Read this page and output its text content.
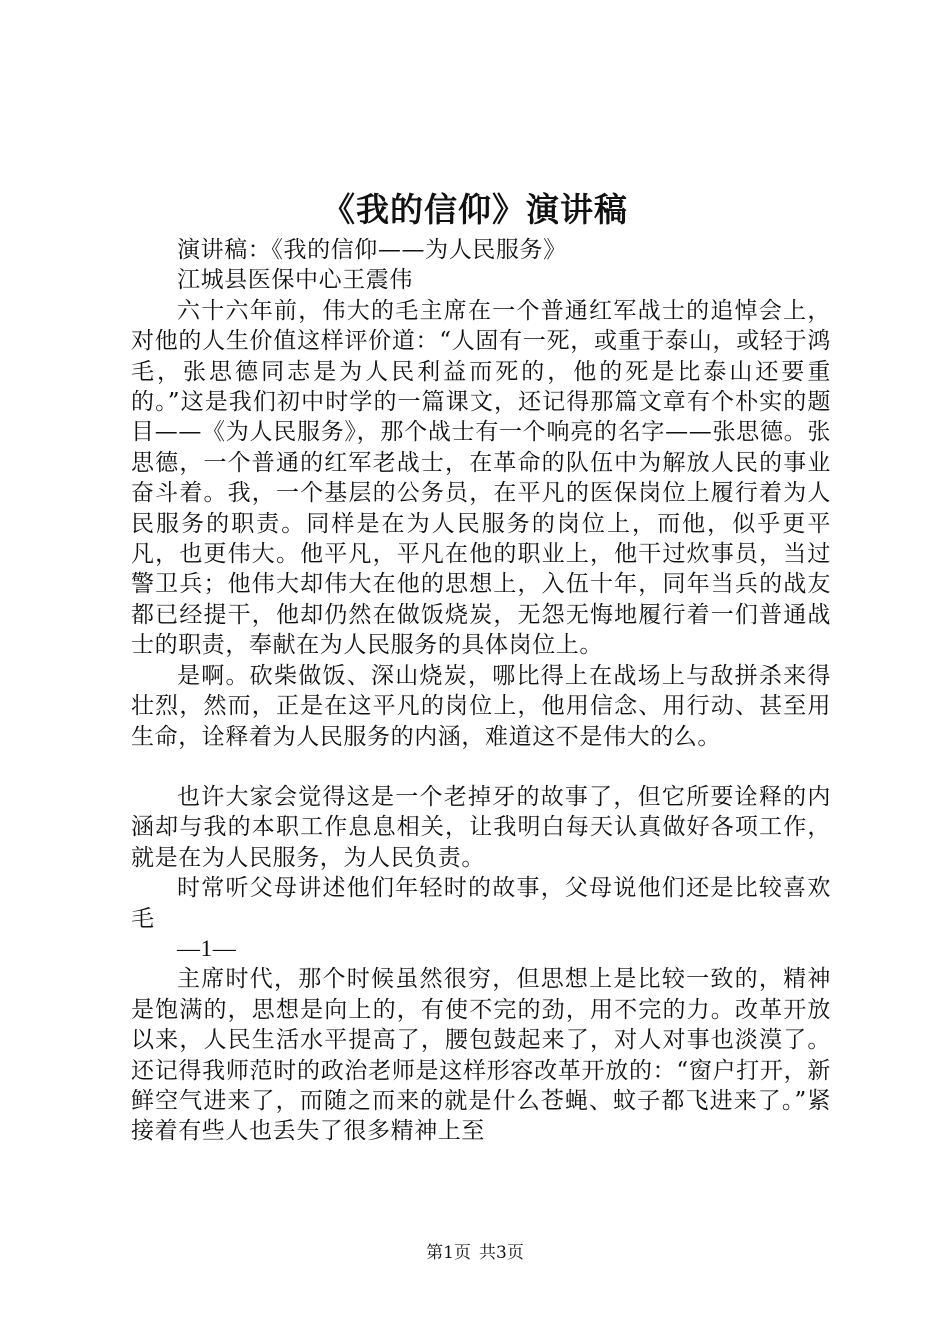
《我的信仰》演讲稿

演讲稿：《我的信仰——为人民服务》

江城县医保中心王震伟

六十六年前，伟大的毛主席在一个普通红军战士的追悼会上，对他的人生价值这样评价道：“人固有一死，或重于泰山，或轻于鸿毛，张思德同志是为人民利益而死的，他的死是比泰山还要重的。”这是我们初中时学的一篇课文，还记得那篇文章有个朴实的题目——《为人民服务》，那个战士有一个响亮的名字——张思德。张思德，一个普通的红军老战士，在革命的队伍中为解放人民的事业奋斗着。我，一个基层的公务员，在平凡的医保岗位上履行着为人民服务的职责。同样是在为人民服务的岗位上，而他，似乎更平凡，也更伟大。他平凡，平凡在他的职业上，他干过炊事员，当过警卫兵；他伟大却伟大在他的思想上，入伍十年，同年当兵的战友都已经提干，他却仍然在做饭烧炭，无怨无悔地履行着一们普通战士的职责，奉献在为人民服务的具体岗位上。

是啊。砍柴做饭、深山烧炭，哪比得上在战场上与敌拼杀来得壮烈，然而，正是在这平凡的岗位上，他用信念、用行动、甚至用生命，诠释着为人民服务的内涵，难道这不是伟大的么。

也许大家会觉得这是一个老掉牙的故事了，但它所要诠释的内涵却与我的本职工作息息相关，让我明白每天认真做好各项工作，就是在为人民服务，为人民负责。

时常听父母讲述他们年轻时的故事，父母说他们还是比较喜欢毛

—1—

主席时代，那个时候虽然很穷，但思想上是比较一致的，精神是饱满的，思想是向上的，有使不完的劲，用不完的力。改革开放以来，人民生活水平提高了，腰包鼓起来了，对人对事也淡漠了。还记得我师范时的政治老师是这样形容改革开放的：“窗户打开，新鲜空气进来了，而随之而来的就是什么苍蝇、蚊子都飞进来了。”紧接着有些人也丢失了很多精神上至

第1页 共3页
